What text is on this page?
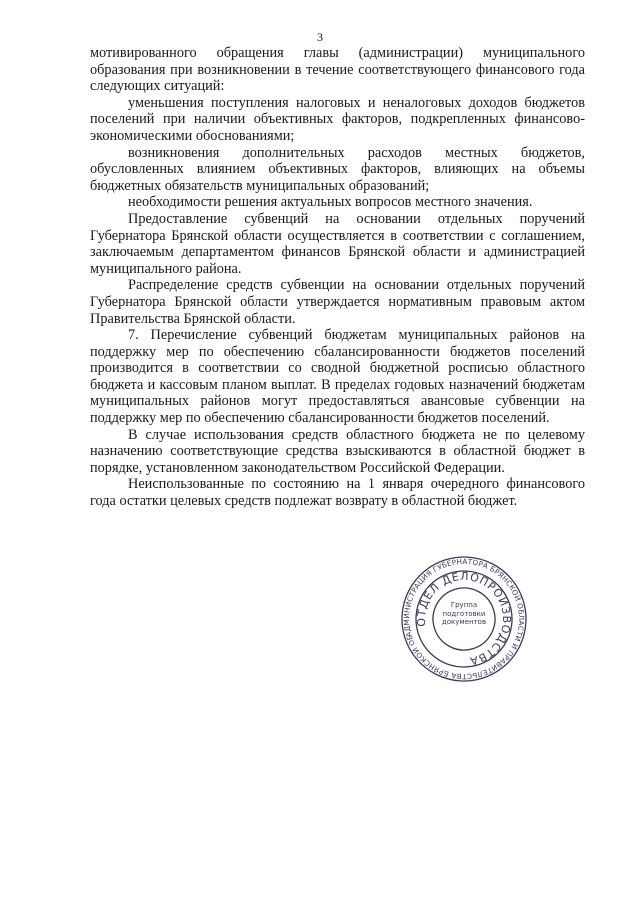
3

мотивированного обращения главы (администрации) муниципального образования при возникновении в течение соответствующего финансового года следующих ситуаций:

уменьшения поступления налоговых и неналоговых доходов бюджетов поселений при наличии объективных факторов, подкрепленных финансово-экономическими обоснованиями;

возникновения дополнительных расходов местных бюджетов, обусловленных влиянием объективных факторов, влияющих на объемы бюджетных обязательств муниципальных образований;

необходимости решения актуальных вопросов местного значения.

Предоставление субвенций на основании отдельных поручений Губернатора Брянской области осуществляется в соответствии с соглашением, заключаемым департаментом финансов Брянской области и администрацией муниципального района.

Распределение средств субвенции на основании отдельных поручений Губернатора Брянской области утверждается нормативным правовым актом Правительства Брянской области.

7. Перечисление субвенций бюджетам муниципальных районов на поддержку мер по обеспечению сбалансированности бюджетов поселений производится в соответствии со сводной бюджетной росписью областного бюджета и кассовым планом выплат. В пределах годовых назначений бюджетам муниципальных районов могут предоставляться авансовые субвенции на поддержку мер по обеспечению сбалансированности бюджетов поселений.

В случае использования средств областного бюджета не по целевому назначению соответствующие средства взыскиваются в областной бюджет в порядке, установленном законодательством Российской Федерации.

Неиспользованные по состоянию на 1 января очередного финансового года остатки целевых средств подлежат возврату в областной бюджет.

АДМИНИСТРАЦИЯ ГУБЕРНАТОРА БРЯНСКОЙ ОБЛАСТИ И ПРАВИТЕЛЬСТВА БРЯНСКОЙ ОБЛАСТИ
ОТДЕЛ ДЕЛОПРОИЗВОДСТВА
Группа подготовки документов
